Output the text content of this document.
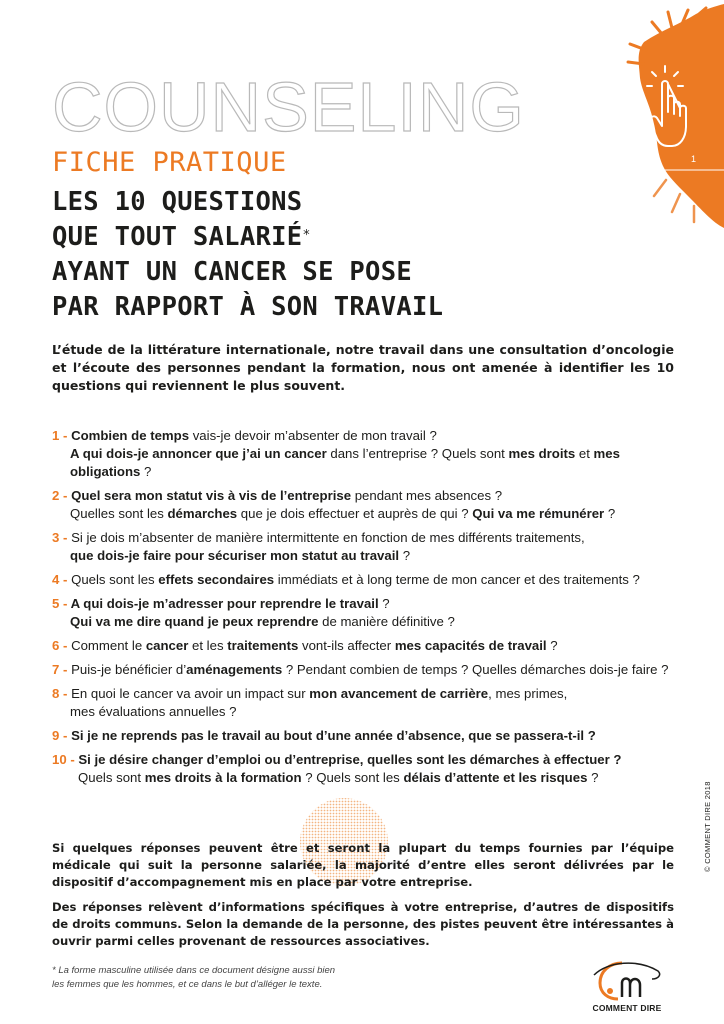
1
COUNSELING
FICHE PRATIQUE
LES 10 QUESTIONS
QUE TOUT SALARIÉ*
AYANT UN CANCER SE POSE
PAR RAPPORT À SON TRAVAIL
L’étude de la littérature internationale, notre travail dans une consultation d’oncologie et l’écoute des personnes pendant la formation, nous ont amenée à identifier les 10 questions qui reviennent le plus souvent.
1 - Combien de temps vais-je devoir m’absenter de mon travail ?
A qui dois-je annoncer que j’ai un cancer dans l’entreprise ? Quels sont mes droits et mes obligations ?
2 - Quel sera mon statut vis à vis de l’entreprise pendant mes absences ?
Quelles sont les démarches que je dois effectuer et auprès de qui ? Qui va me rémunérer ?
3 - Si je dois m’absenter de manière intermittente en fonction de mes différents traitements,
que dois-je faire pour sécuriser mon statut au travail ?
4 - Quels sont les effets secondaires immédiats et à long terme de mon cancer et des traitements ?
5 - A qui dois-je m’adresser pour reprendre le travail ?
Qui va me dire quand je peux reprendre de manière définitive ?
6 - Comment le cancer et les traitements vont-ils affecter mes capacités de travail ?
7 - Puis-je bénéficier d’aménagements ? Pendant combien de temps ? Quelles démarches dois-je faire ?
8 - En quoi le cancer va avoir un impact sur mon avancement de carrière, mes primes,
mes évaluations annuelles ?
9 - Si je ne reprends pas le travail au bout d’une année d’absence, que se passera-t-il ?
10 - Si je désire changer d’emploi ou d’entreprise, quelles sont les démarches à effectuer ?
Quels sont mes droits à la formation ? Quels sont les délais d’attente et les risques ?

Si quelques réponses peuvent être et seront la plupart du temps fournies par l’équipe médicale qui suit la personne salariée, la majorité d’entre elles seront délivrées par le dispositif d’accompagnement mis en place par votre entreprise.

Des réponses relèvent d’informations spécifiques à votre entreprise, d’autres de dispositifs de droits communs. Selon la demande de la personne, des pistes peuvent être intéressantes à ouvrir parmi celles provenant de ressources associatives.

© COMMENT DIRE 2018
* La forme masculine utilisée dans ce document désigne aussi bien
les femmes que les hommes, et ce dans le but d’alléger le texte.
COMMENT DIRE
